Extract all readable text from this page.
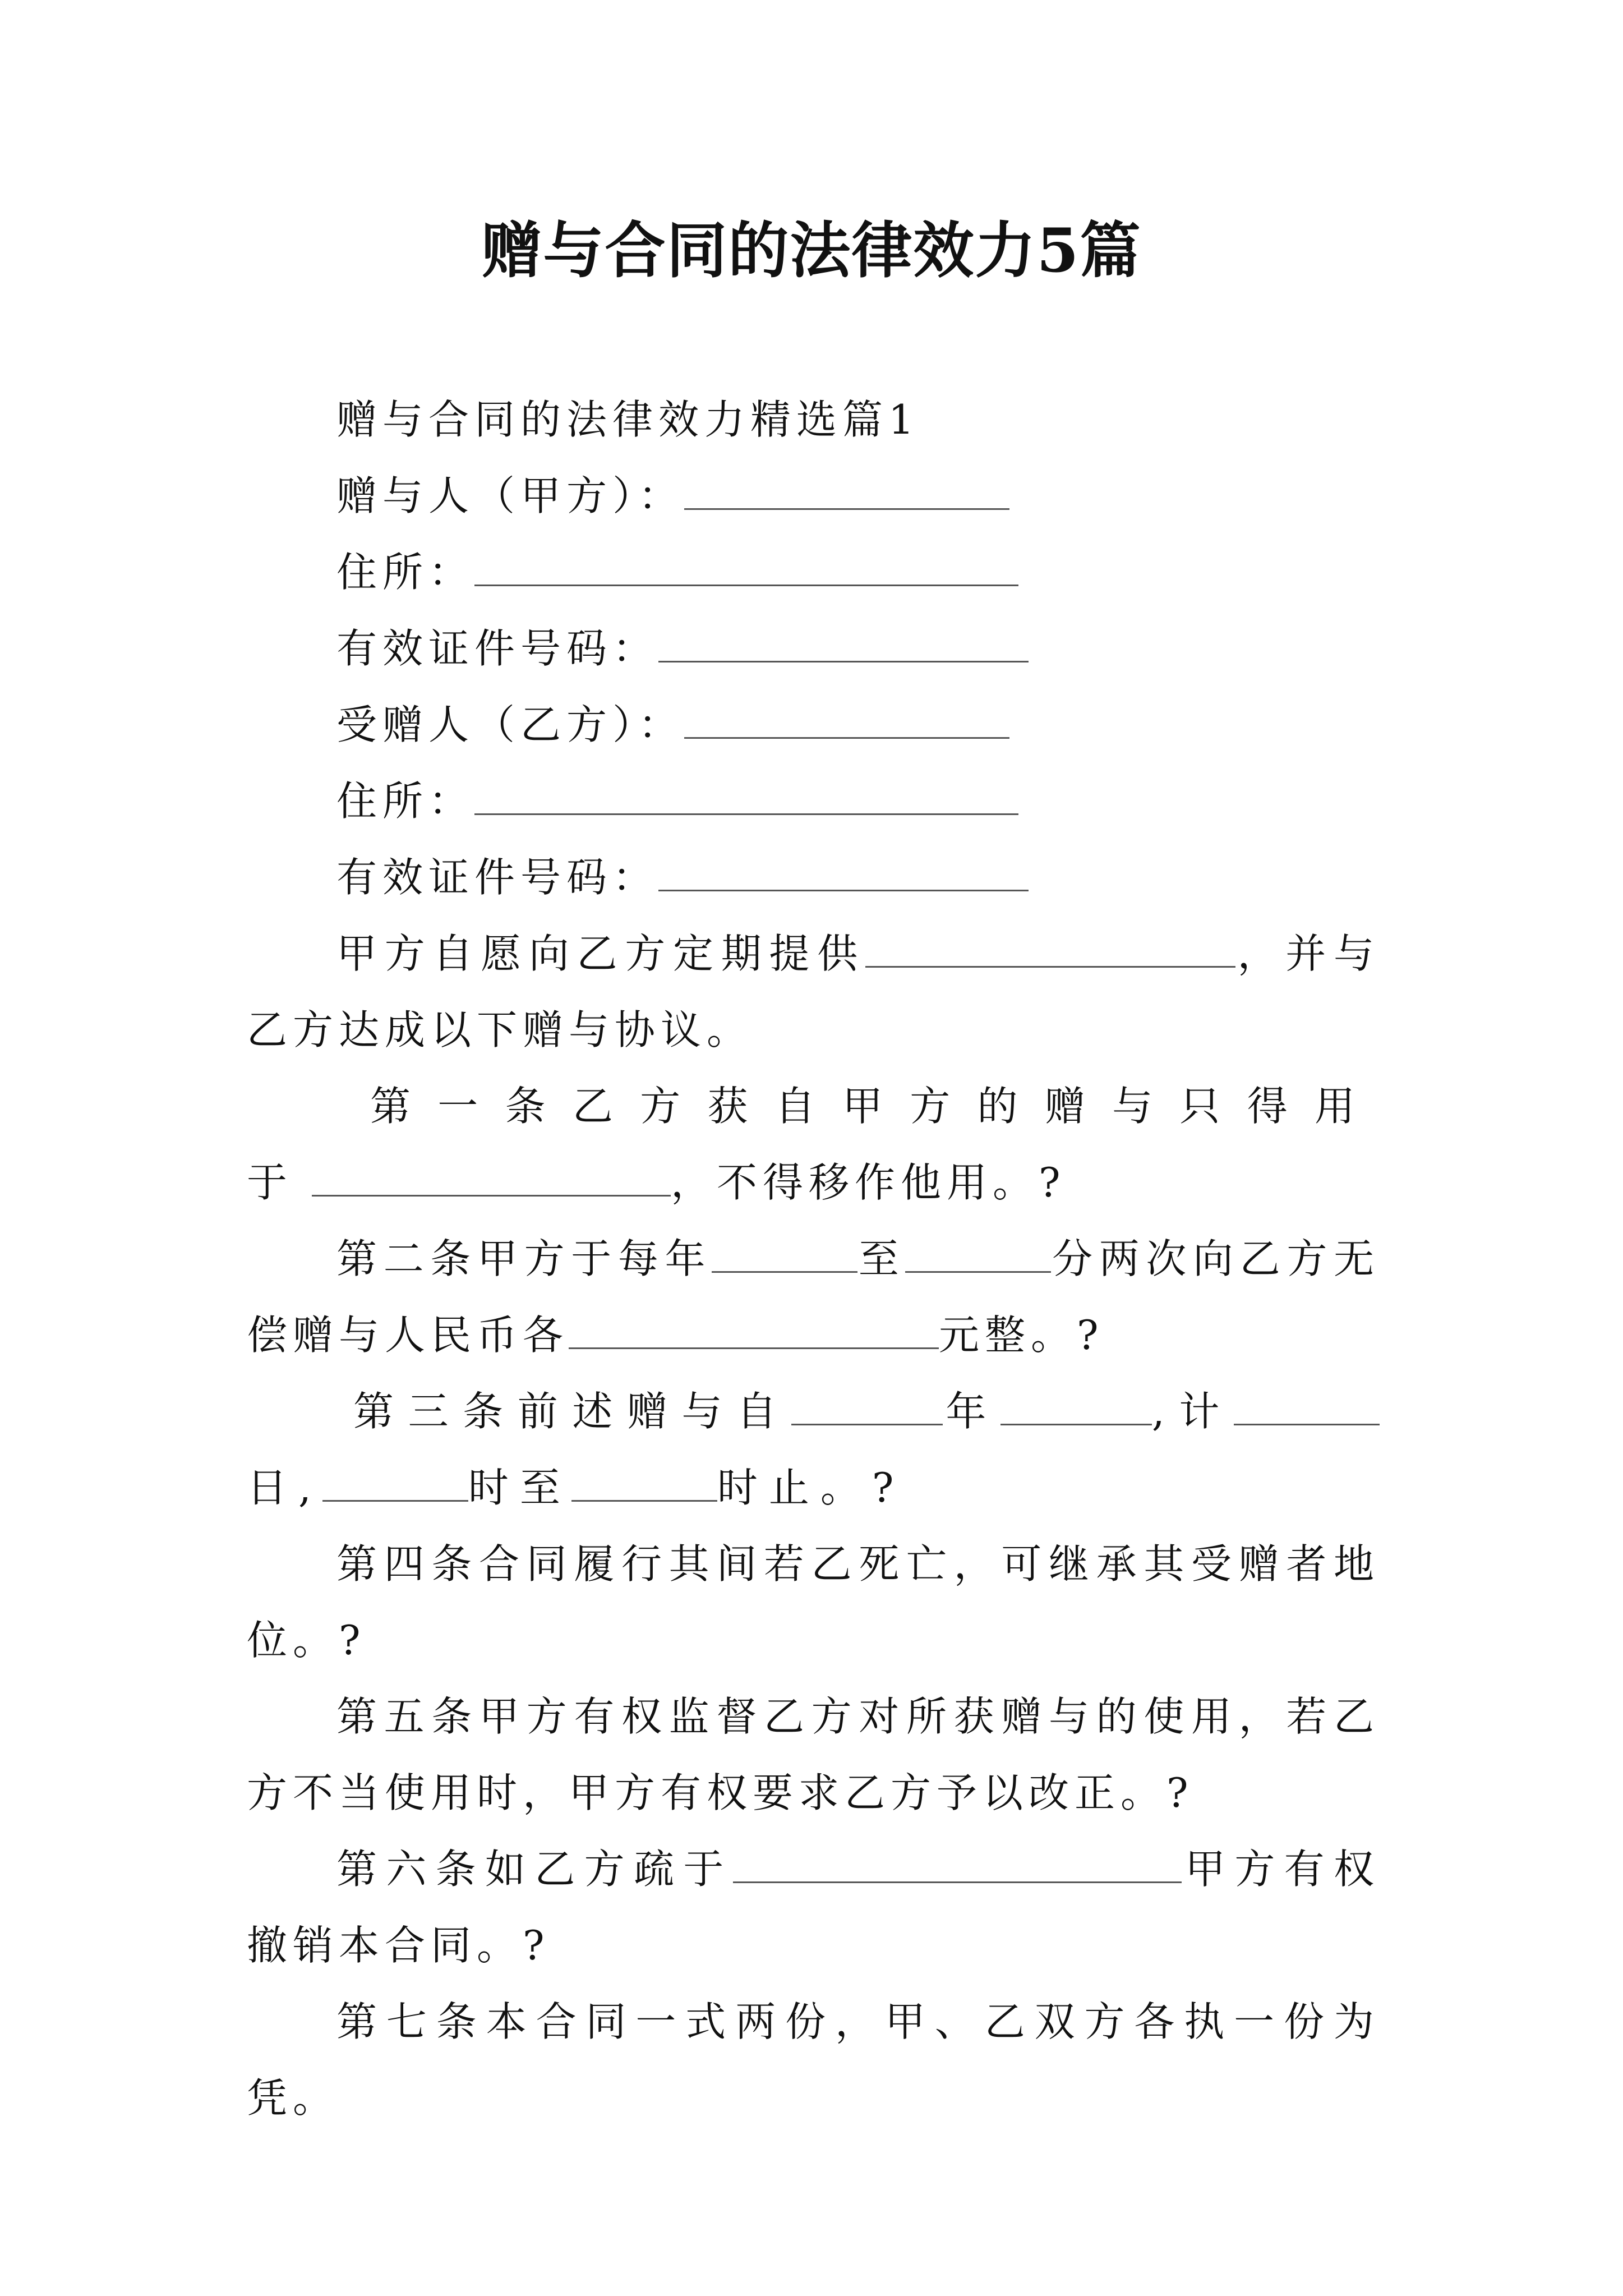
赠与合同的法律效力5篇
赠与合同的法律效力精选篇1
赠与人（甲方）：
住所：
有效证件号码：
受赠人（乙方）：
住所：
有效证件号码：
甲方自愿向乙方定期提供	，并与乙方达成以下赠与协议。
第一条乙方获自甲方的赠与只得用于	，不得移作他用。?
第二条甲方于每年	至	分两次向乙方无偿赠与人民币各	元整。?
第三条前述赠与自	年	,计日,	时至	时止。?
第四条合同履行其间若乙死亡，可继承其受赠者地位。?
第五条甲方有权监督乙方对所获赠与的使用，若乙方不当使用时，甲方有权要求乙方予以改正。?
第六条如乙方疏于	甲方有权撤销本合同。?
第七条本合同一式两份，甲、乙双方各执一份为凭。
